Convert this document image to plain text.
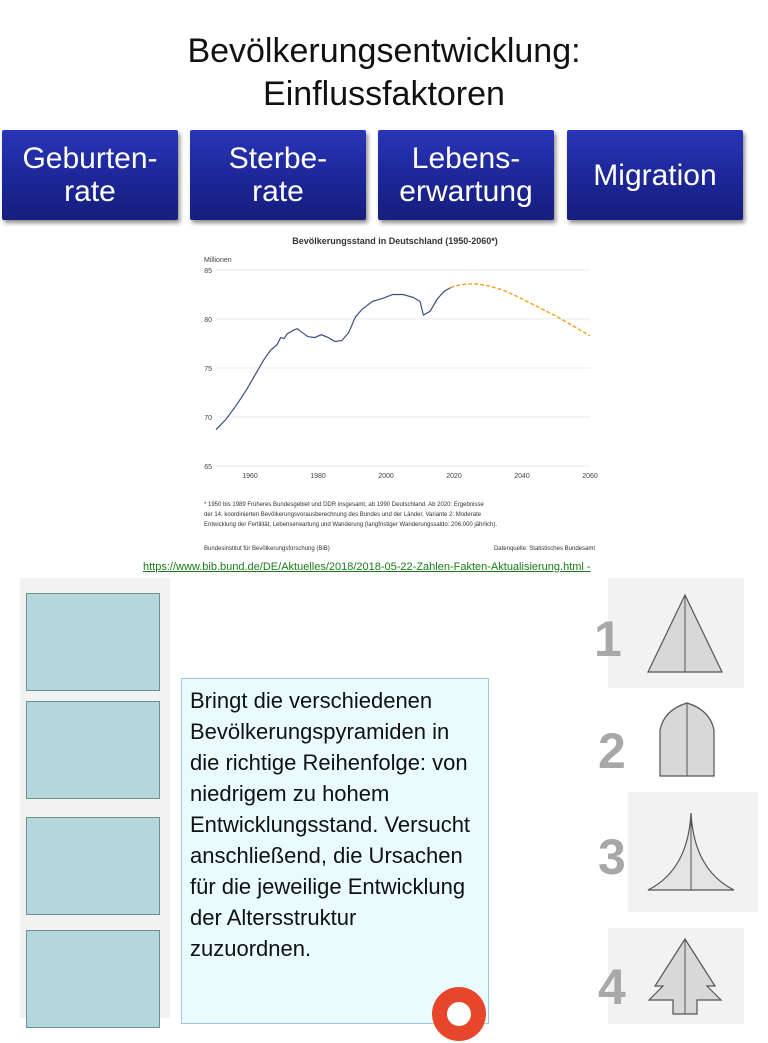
Bevölkerungsentwicklung:
Einflussfaktoren
Geburten-
rate
Sterbe-
rate
Lebens-
erwartung Migration
Bevölkerungsstand in Deutschland (1950-2060*)
Millionen
65
70
75
80
85
1960	1980	2000	2020	2040	2060
* 1950 bis 1989 Früheres Bundesgebiet und DDR insgesamt, ab 1990 Deutschland. Ab 2020: Ergebnisse
der 14. koordinierten Bevölkerungsvorausberechnung des Bundes und der Länder, Variante 2: Moderate
Entwicklung der Fertilität, Lebenserwartung und Wanderung (langfristiger Wanderungssaldo: 206.000 jährlich).
Bundesinstitut für Bevölkerungsforschung (BiB)	Datenquelle: Statistisches Bundesamt
https://www.bib.bund.de/DE/Aktuelles/2018/2018-05-22-Zahlen-Fakten-Aktualisierung.html -
Bringt die verschiedenen Bevölkerungspyramiden in die richtige Reihenfolge: von niedrigem zu hohem Entwicklungsstand. Versucht anschließend, die Ursachen für die jeweilige Entwicklung der Altersstruktur zuzuordnen.
1
2
3
4
